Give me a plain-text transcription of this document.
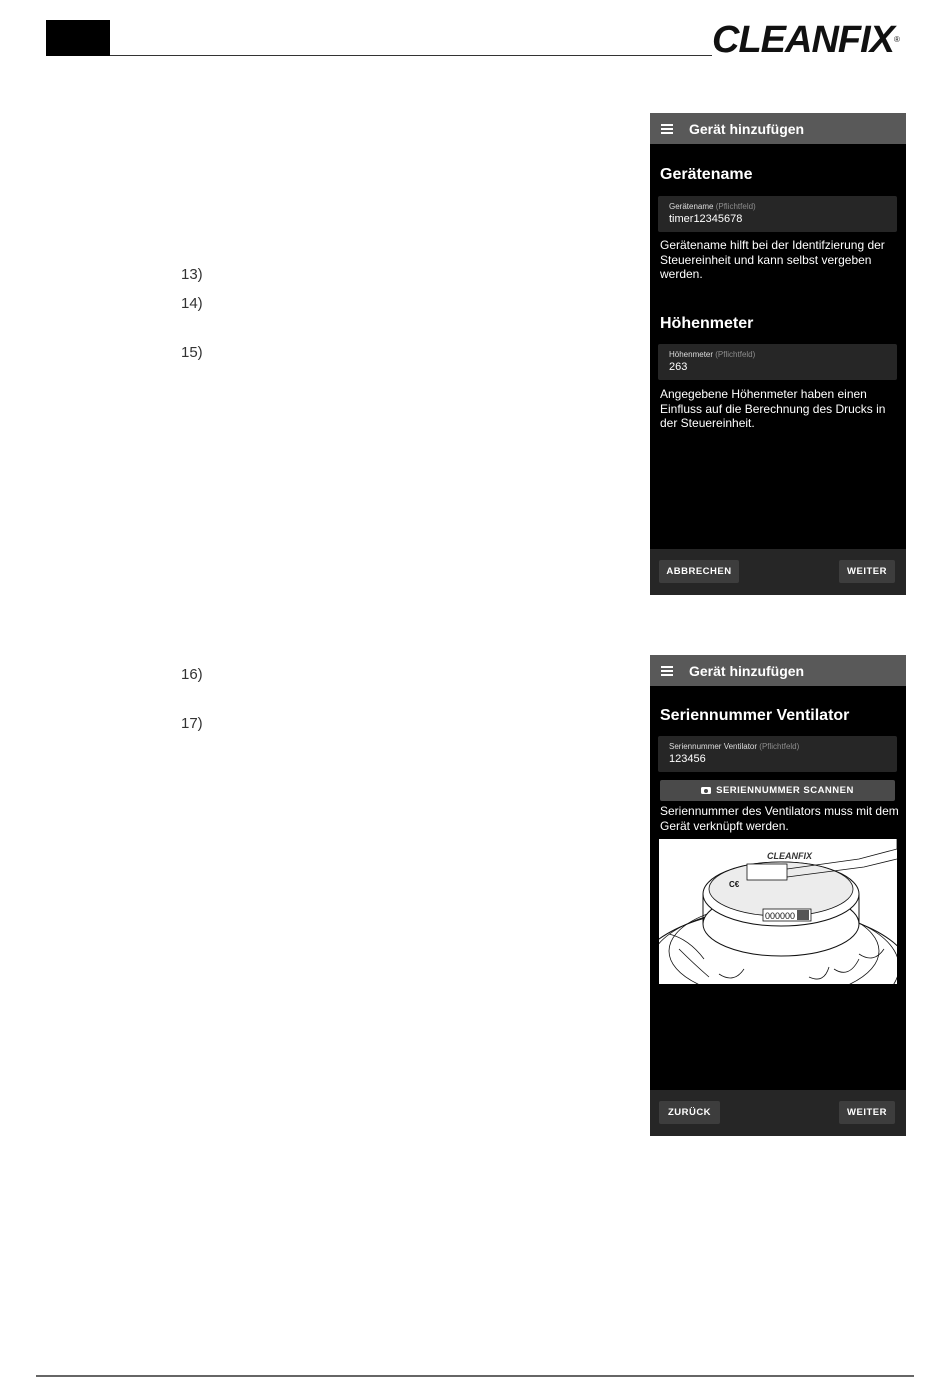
CLEANFIX®
13)
14)
15)
16)
17)
Gerät hinzufügen
Gerätename
Gerätename (Pflichtfeld)
timer12345678
Gerätename hilft bei der Identifzierung der Steuereinheit und kann selbst vergeben werden.
Höhenmeter
Höhenmeter (Pflichtfeld)
263
Angegebene Höhenmeter haben einen Einfluss auf die Berechnung des Drucks in der Steuereinheit.
ABBRECHEN	WEITER
Gerät hinzufügen
Seriennummer Ventilator
Seriennummer Ventilator (Pflichtfeld)
123456
SERIENNUMMER SCANNEN
Seriennummer des Ventilators muss mit dem Gerät verknüpft werden.
CLEANFIX
C€
000000
ZURÜCK	WEITER
